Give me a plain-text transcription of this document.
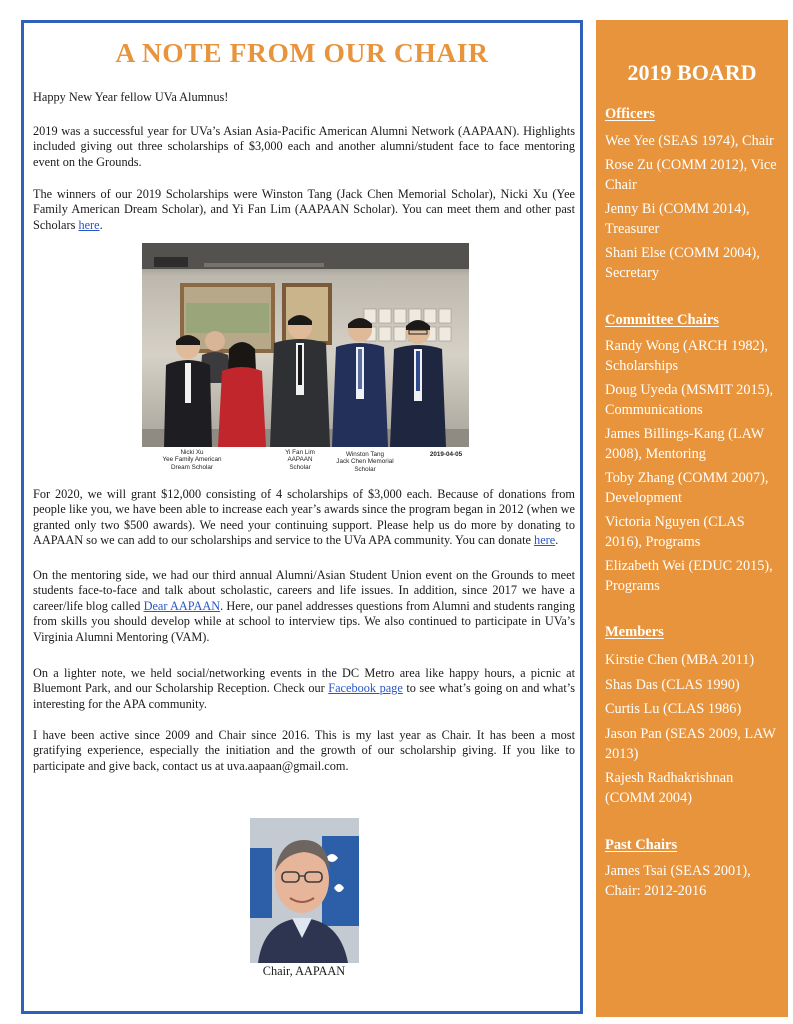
A NOTE FROM OUR CHAIR

Happy New Year fellow UVa Alumnus!

2019 was a successful year for UVa’s Asian Asia-Pacific American Alumni Network (AAPAAN). Highlights included giving out three scholarships of $3,000 each and another alumni/student face to face mentoring event on the Grounds.

The winners of our 2019 Scholarships were Winston Tang (Jack Chen Memorial Scholar), Nicki Xu (Yee Family American Dream Scholar), and Yi Fan Lim (AAPAAN Scholar). You can meet them and other past Scholars here.

Nicki Xu
Yee Family American
Dream Scholar
Yi Fan Lim
AAPAAN
Scholar
Winston Tang
Jack Chen Memorial
Scholar
2019-04-05

For 2020, we will grant $12,000 consisting of 4 scholarships of $3,000 each. Because of donations from people like you, we have been able to increase each year’s awards since the program began in 2012 (when we granted only two $500 awards). We need your continuing support. Please help us do more by donating to AAPAAN so we can add to our scholarships and service to the UVa APA community. You can donate here.

On the mentoring side, we had our third annual Alumni/Asian Student Union event on the Grounds to meet students face-to-face and talk about scholastic, careers and life issues. In addition, since 2017 we have a career/life blog called Dear AAPAAN. Here, our panel addresses questions from Alumni and students ranging from skills you should develop while at school to interview tips. We also continued to participate in UVa’s Virginia Alumni Mentoring (VAM).

On a lighter note, we held social/networking events in the DC Metro area like happy hours, a picnic at Bluemont Park, and our Scholarship Reception. Check our Facebook page to see what’s going on and what’s interesting for the APA community.

I have been active since 2009 and Chair since 2016. This is my last year as Chair. It has been a most gratifying experience, especially the initiation and the growth of our scholarship giving. If you like to participate and give back, contact us at uva.aapaan@gmail.com.

Chair, AAPAAN
2019 BOARD
Officers
Wee Yee (SEAS 1974), Chair
Rose Zu (COMM 2012), Vice Chair
Jenny Bi (COMM 2014), Treasurer
Shani Else (COMM 2004), Secretary
Committee Chairs
Randy Wong (ARCH 1982), Scholarships
Doug Uyeda (MSMIT 2015), Communications
James Billings-Kang (LAW 2008), Mentoring
Toby Zhang (COMM 2007), Development
Victoria Nguyen (CLAS 2016), Programs
Elizabeth Wei (EDUC 2015), Programs
Members
Kirstie Chen (MBA 2011)
Shas Das (CLAS 1990)
Curtis Lu (CLAS 1986)
Jason Pan (SEAS 2009, LAW 2013)
Rajesh Radhakrishnan (COMM 2004)
Past Chairs
James Tsai (SEAS 2001), Chair: 2012-2016
